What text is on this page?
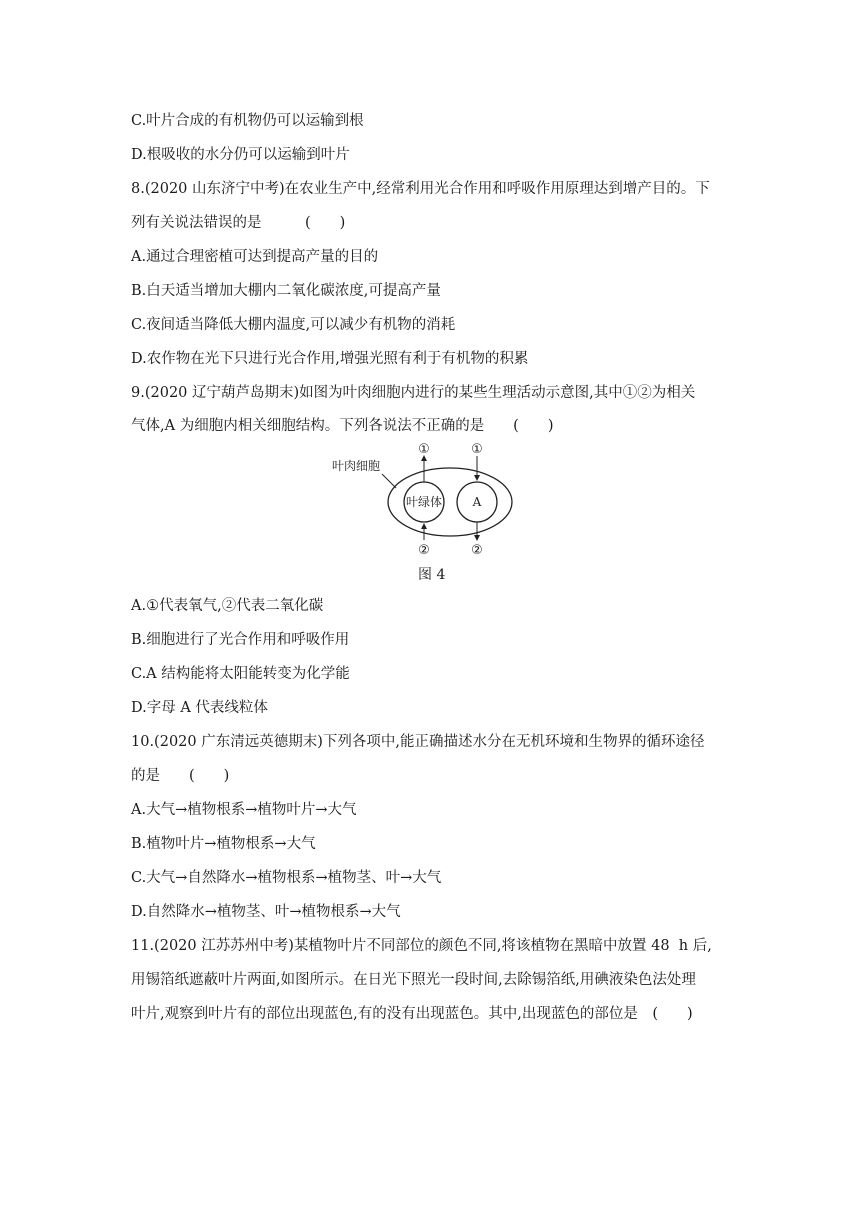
C.叶片合成的有机物仍可以运输到根
D.根吸收的水分仍可以运输到叶片
8.(2020 山东济宁中考)在农业生产中,经常利用光合作用和呼吸作用原理达到增产目的。下
列有关说法错误的是　　　(　　)
A.通过合理密植可达到提高产量的目的
B.白天适当增加大棚内二氧化碳浓度,可提高产量
C.夜间适当降低大棚内温度,可以减少有机物的消耗
D.农作物在光下只进行光合作用,增强光照有利于有机物的积累
9.(2020 辽宁葫芦岛期末)如图为叶肉细胞内进行的某些生理活动示意图,其中①②为相关
气体,A 为细胞内相关细胞结构。下列各说法不正确的是　　(　　)
A.①代表氧气,②代表二氧化碳
B.细胞进行了光合作用和呼吸作用
C.A 结构能将太阳能转变为化学能
D.字母 A 代表线粒体
10.(2020 广东清远英德期末)下列各项中,能正确描述水分在无机环境和生物界的循环途径
的是　　(　　)
A.大气→植物根系→植物叶片→大气
B.植物叶片→植物根系→大气
C.大气→自然降水→植物根系→植物茎、叶→大气
D.自然降水→植物茎、叶→植物根系→大气
11.(2020 江苏苏州中考)某植物叶片不同部位的颜色不同,将该植物在黑暗中放置 48  h 后,
用锡箔纸遮蔽叶片两面,如图所示。在日光下照光一段时间,去除锡箔纸,用碘液染色法处理
叶片,观察到叶片有的部位出现蓝色,有的没有出现蓝色。其中,出现蓝色的部位是　(　　)
叶肉细胞
叶绿体	A
①	①
②	②
图 4
